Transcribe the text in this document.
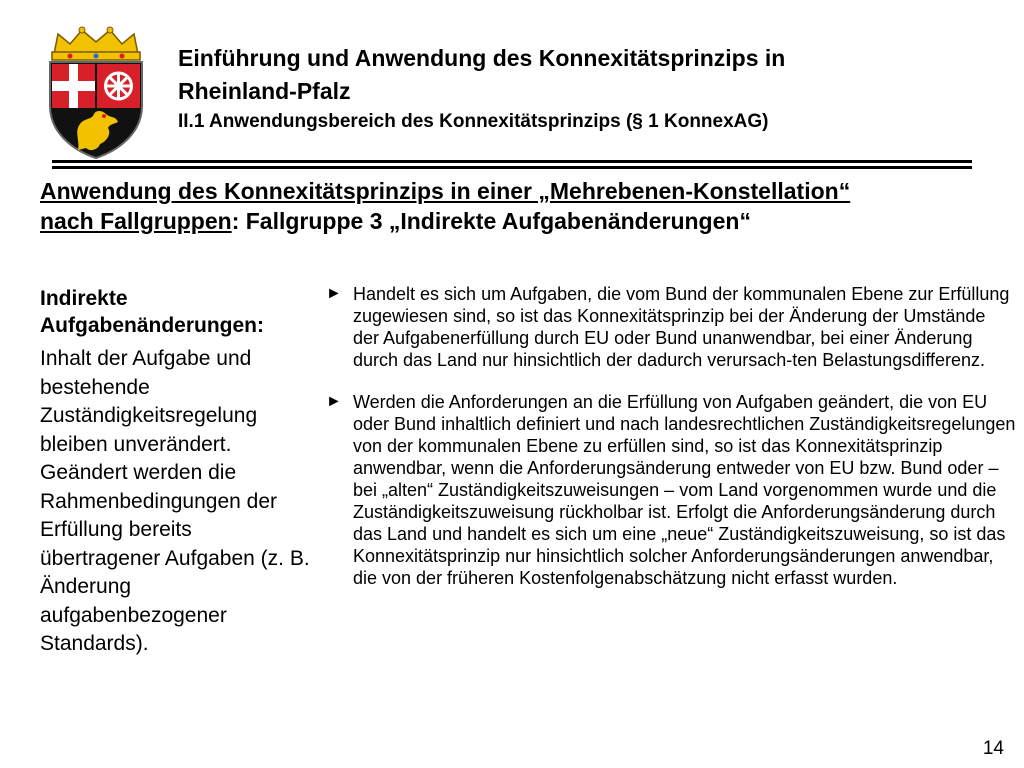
Einführung und Anwendung des Konnexitätsprinzips in
Rheinland-Pfalz
II.1 Anwendungsbereich des Konnexitätsprinzips (§ 1 KonnexAG)
Anwendung des Konnexitätsprinzips in einer „Mehrebenen-Konstellation“
nach Fallgruppen: Fallgruppe 3 „Indirekte Aufgabenänderungen“

Indirekte Aufgabenänderungen:

Inhalt der Aufgabe und bestehende Zuständigkeitsregelung bleiben unverändert. Geändert werden die Rahmenbedingungen der Erfüllung bereits übertragener Aufgaben (z. B. Änderung aufgabenbezogener Standards).

► Handelt es sich um Aufgaben, die vom Bund der kommunalen Ebene zur Erfüllung zugewiesen sind, so ist das Konnexitätsprinzip bei der Änderung der Umstände der Aufgabenerfüllung durch EU oder Bund unanwendbar, bei einer Änderung durch das Land nur hinsichtlich der dadurch verursach-ten Belastungsdifferenz.
► Werden die Anforderungen an die Erfüllung von Aufgaben geändert, die von EU oder Bund inhaltlich definiert und nach landesrechtlichen Zuständigkeitsregelungen von der kommunalen Ebene zu erfüllen sind, so ist das Konnexitätsprinzip anwendbar, wenn die Anforderungsänderung entweder von EU bzw. Bund oder – bei „alten“ Zuständigkeitszuweisungen – vom Land vorgenommen wurde und die Zuständigkeitszuweisung rückholbar ist. Erfolgt die Anforderungsänderung durch das Land und handelt es sich um eine „neue“ Zuständigkeitszuweisung, so ist das Konnexitätsprinzip nur hinsichtlich solcher Anforderungsänderungen anwendbar, die von der früheren Kostenfolgenabschätzung nicht erfasst wurden.
14
